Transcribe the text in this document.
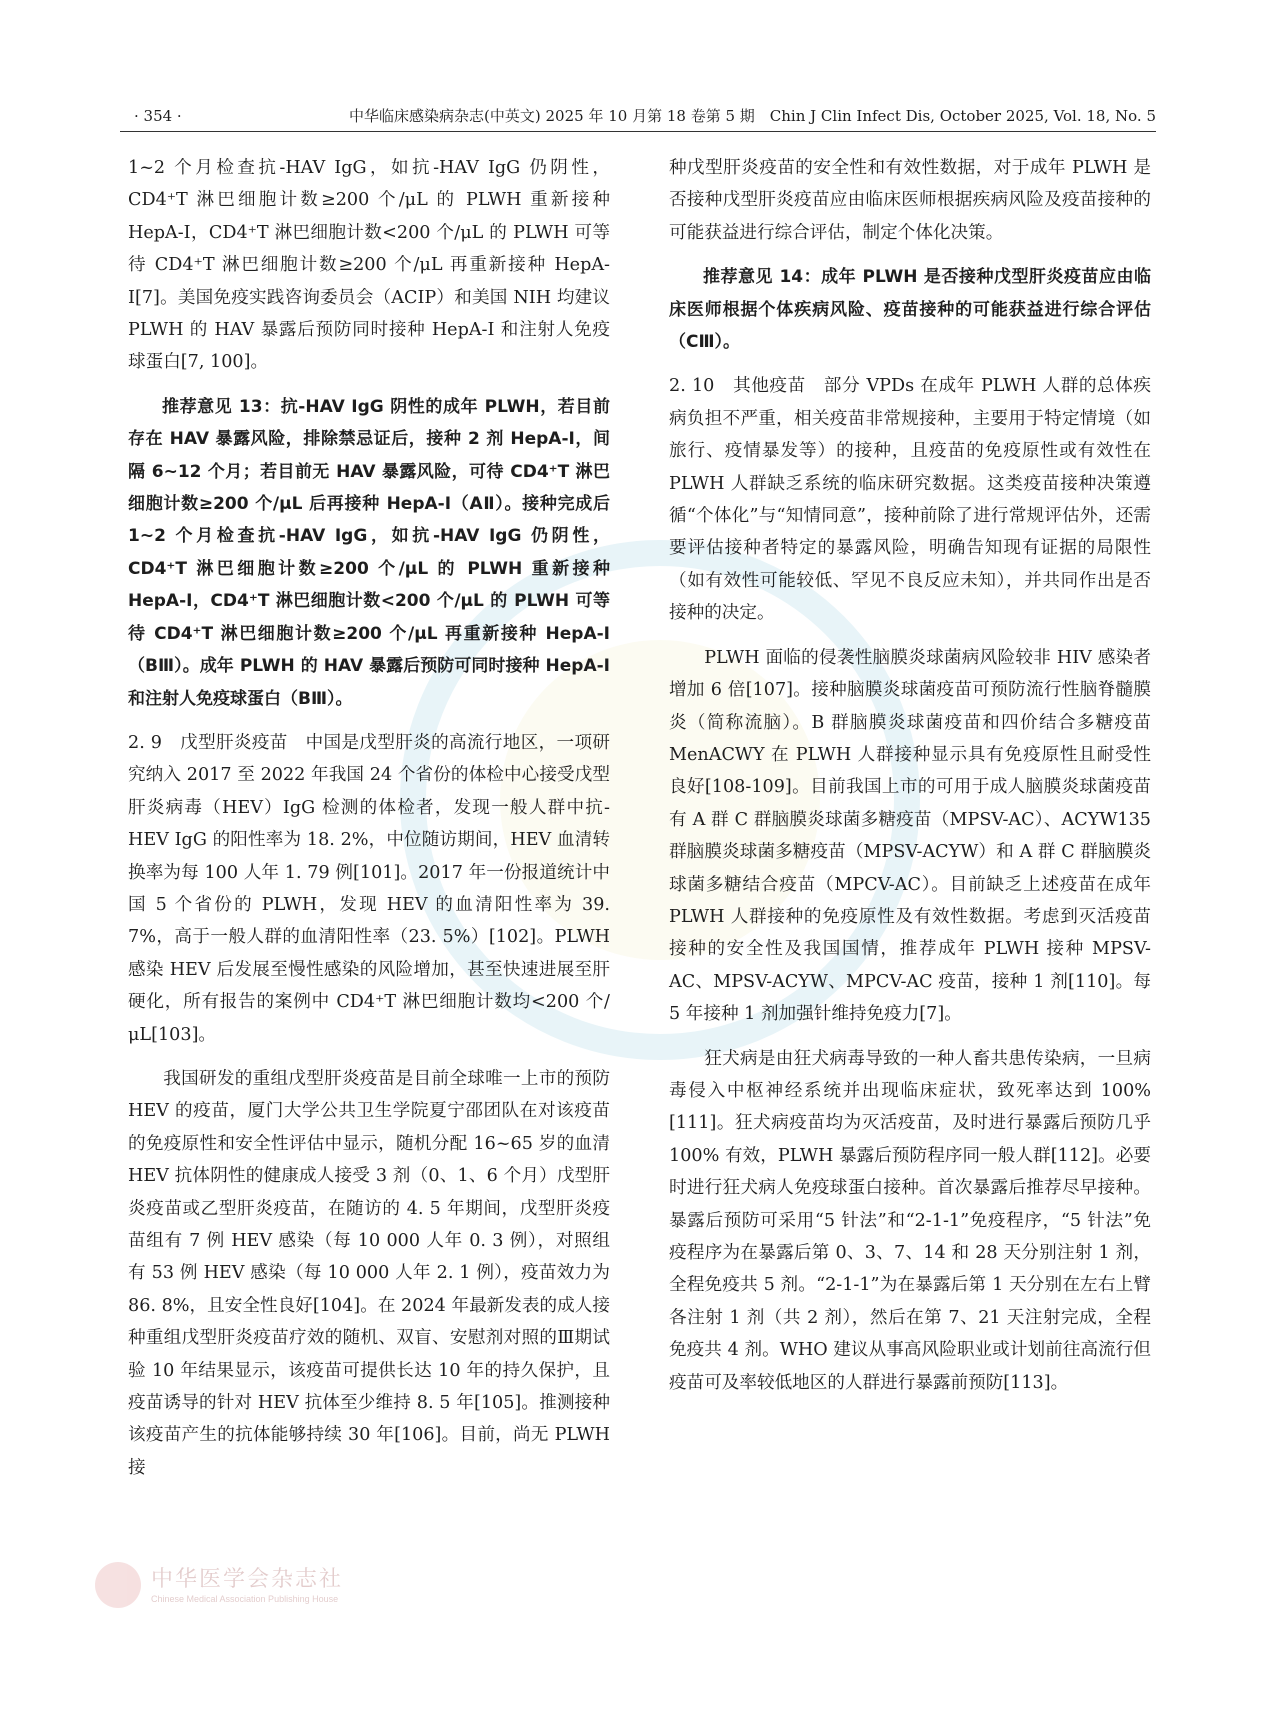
· 354 ·	中华临床感染病杂志(中英文) 2025 年 10 月第 18 卷第 5 期　Chin J Clin Infect Dis, October 2025, Vol. 18, No. 5

1~2 个月检查抗-HAV IgG，如抗-HAV IgG 仍阴性，CD4⁺T 淋巴细胞计数≥200 个/μL 的 PLWH 重新接种 HepA-I，CD4⁺T 淋巴细胞计数<200 个/μL 的 PLWH 可等待 CD4⁺T 淋巴细胞计数≥200 个/μL 再重新接种 HepA-I[7]。美国免疫实践咨询委员会（ACIP）和美国 NIH 均建议 PLWH 的 HAV 暴露后预防同时接种 HepA-I 和注射人免疫球蛋白[7, 100]。

推荐意见 13：抗-HAV IgG 阴性的成年 PLWH，若目前存在 HAV 暴露风险，排除禁忌证后，接种 2 剂 HepA-I，间隔 6~12 个月；若目前无 HAV 暴露风险，可待 CD4⁺T 淋巴细胞计数≥200 个/μL 后再接种 HepA-I（AⅡ）。接种完成后 1~2 个月检查抗-HAV IgG，如抗-HAV IgG 仍阴性，CD4⁺T 淋巴细胞计数≥200 个/μL 的 PLWH 重新接种 HepA-I，CD4⁺T 淋巴细胞计数<200 个/μL 的 PLWH 可等待 CD4⁺T 淋巴细胞计数≥200 个/μL 再重新接种 HepA-I（BⅢ）。成年 PLWH 的 HAV 暴露后预防可同时接种 HepA-I 和注射人免疫球蛋白（BⅢ）。

2. 9　戊型肝炎疫苗　中国是戊型肝炎的高流行地区，一项研究纳入 2017 至 2022 年我国 24 个省份的体检中心接受戊型肝炎病毒（HEV）IgG 检测的体检者，发现一般人群中抗-HEV IgG 的阳性率为 18. 2%，中位随访期间，HEV 血清转换率为每 100 人年 1. 79 例[101]。2017 年一份报道统计中国 5 个省份的 PLWH，发现 HEV 的血清阳性率为 39. 7%，高于一般人群的血清阳性率（23. 5%）[102]。PLWH 感染 HEV 后发展至慢性感染的风险增加，甚至快速进展至肝硬化，所有报告的案例中 CD4⁺T 淋巴细胞计数均<200 个/μL[103]。

我国研发的重组戊型肝炎疫苗是目前全球唯一上市的预防 HEV 的疫苗，厦门大学公共卫生学院夏宁邵团队在对该疫苗的免疫原性和安全性评估中显示，随机分配 16~65 岁的血清 HEV 抗体阴性的健康成人接受 3 剂（0、1、6 个月）戊型肝炎疫苗或乙型肝炎疫苗，在随访的 4. 5 年期间，戊型肝炎疫苗组有 7 例 HEV 感染（每 10 000 人年 0. 3 例），对照组有 53 例 HEV 感染（每 10 000 人年 2. 1 例），疫苗效力为 86. 8%，且安全性良好[104]。在 2024 年最新发表的成人接种重组戊型肝炎疫苗疗效的随机、双盲、安慰剂对照的Ⅲ期试验 10 年结果显示，该疫苗可提供长达 10 年的持久保护，且疫苗诱导的针对 HEV 抗体至少维持 8. 5 年[105]。推测接种该疫苗产生的抗体能够持续 30 年[106]。目前，尚无 PLWH 接

种戊型肝炎疫苗的安全性和有效性数据，对于成年 PLWH 是否接种戊型肝炎疫苗应由临床医师根据疾病风险及疫苗接种的可能获益进行综合评估，制定个体化决策。

推荐意见 14：成年 PLWH 是否接种戊型肝炎疫苗应由临床医师根据个体疾病风险、疫苗接种的可能获益进行综合评估（CⅢ）。

2. 10　其他疫苗　部分 VPDs 在成年 PLWH 人群的总体疾病负担不严重，相关疫苗非常规接种，主要用于特定情境（如旅行、疫情暴发等）的接种，且疫苗的免疫原性或有效性在 PLWH 人群缺乏系统的临床研究数据。这类疫苗接种决策遵循“个体化”与“知情同意”，接种前除了进行常规评估外，还需要评估接种者特定的暴露风险，明确告知现有证据的局限性（如有效性可能较低、罕见不良反应未知），并共同作出是否接种的决定。

PLWH 面临的侵袭性脑膜炎球菌病风险较非 HIV 感染者增加 6 倍[107]。接种脑膜炎球菌疫苗可预防流行性脑脊髓膜炎（简称流脑）。B 群脑膜炎球菌疫苗和四价结合多糖疫苗 MenACWY 在 PLWH 人群接种显示具有免疫原性且耐受性良好[108-109]。目前我国上市的可用于成人脑膜炎球菌疫苗有 A 群 C 群脑膜炎球菌多糖疫苗（MPSV-AC）、ACYW135 群脑膜炎球菌多糖疫苗（MPSV-ACYW）和 A 群 C 群脑膜炎球菌多糖结合疫苗（MPCV-AC）。目前缺乏上述疫苗在成年 PLWH 人群接种的免疫原性及有效性数据。考虑到灭活疫苗接种的安全性及我国国情，推荐成年 PLWH 接种 MPSV-AC、MPSV-ACYW、MPCV-AC 疫苗，接种 1 剂[110]。每 5 年接种 1 剂加强针维持免疫力[7]。

狂犬病是由狂犬病毒导致的一种人畜共患传染病，一旦病毒侵入中枢神经系统并出现临床症状，致死率达到 100%[111]。狂犬病疫苗均为灭活疫苗，及时进行暴露后预防几乎 100% 有效，PLWH 暴露后预防程序同一般人群[112]。必要时进行狂犬病人免疫球蛋白接种。首次暴露后推荐尽早接种。暴露后预防可采用“5 针法”和“2-1-1”免疫程序，“5 针法”免疫程序为在暴露后第 0、3、7、14 和 28 天分别注射 1 剂，全程免疫共 5 剂。“2-1-1”为在暴露后第 1 天分别在左右上臂各注射 1 剂（共 2 剂），然后在第 7、21 天注射完成，全程免疫共 4 剂。WHO 建议从事高风险职业或计划前往高流行但疫苗可及率较低地区的人群进行暴露前预防[113]。

中华医学会杂志社
Chinese Medical Association Publishing House
